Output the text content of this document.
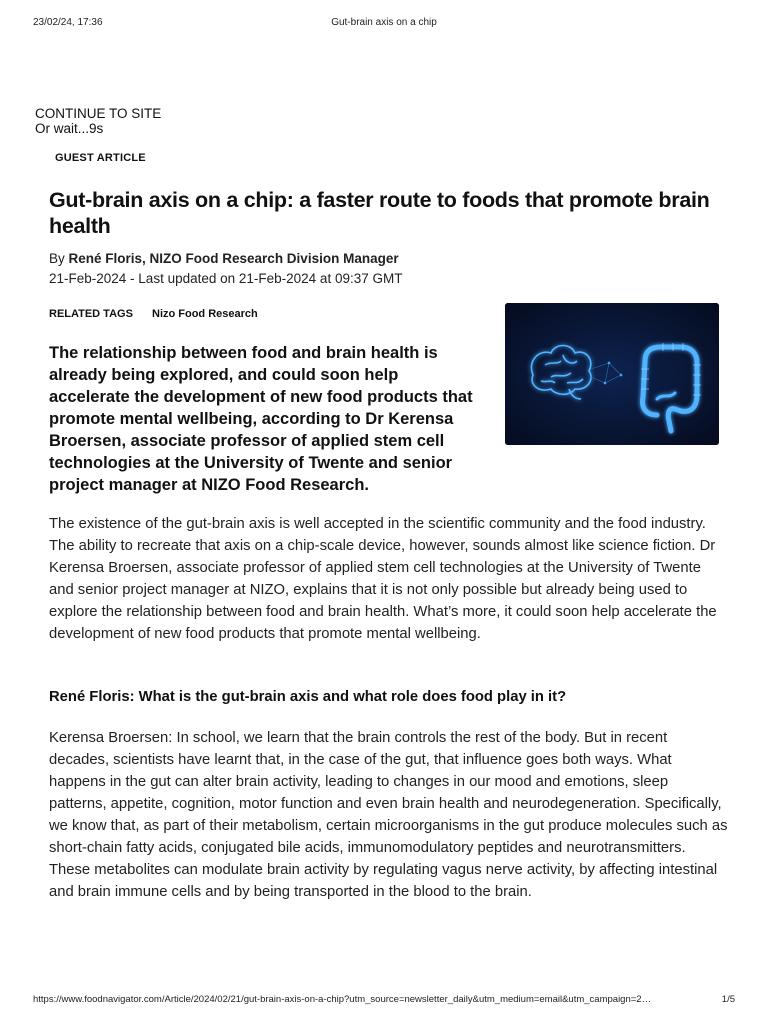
23/02/24, 17:36	Gut-brain axis on a chip
CONTINUE TO SITE
Or wait...9s
GUEST ARTICLE
Gut-brain axis on a chip: a faster route to foods that promote brain health
By René Floris, NIZO Food Research Division Manager
21-Feb-2024 - Last updated on 21-Feb-2024 at 09:37 GMT
RELATED TAGS Nizo Food Research
The relationship between food and brain health is already being explored, and could soon help accelerate the development of new food products that promote mental wellbeing, according to Dr Kerensa Broersen, associate professor of applied stem cell technologies at the University of Twente and senior project manager at NIZO Food Research.

The existence of the gut-brain axis is well accepted in the scientific community and the food industry. The ability to recreate that axis on a chip-scale device, however, sounds almost like science fiction. Dr Kerensa Broersen, associate professor of applied stem cell technologies at the University of Twente and senior project manager at NIZO, explains that it is not only possible but already being used to explore the relationship between food and brain health. What’s more, it could soon help accelerate the development of new food products that promote mental wellbeing.

René Floris: What is the gut-brain axis and what role does food play in it?

Kerensa Broersen: In school, we learn that the brain controls the rest of the body. But in recent decades, scientists have learnt that, in the case of the gut, that influence goes both ways. What happens in the gut can alter brain activity, leading to changes in our mood and emotions, sleep patterns, appetite, cognition, motor function and even brain health and neurodegeneration. Specifically, we know that, as part of their metabolism, certain microorganisms in the gut produce molecules such as short-chain fatty acids, conjugated bile acids, immunomodulatory peptides and neurotransmitters. These metabolites can modulate brain activity by regulating vagus nerve activity, by affecting intestinal and brain immune cells and by being transported in the blood to the brain.

https://www.foodnavigator.com/Article/2024/02/21/gut-brain-axis-on-a-chip?utm_source=newsletter_daily&utm_medium=email&utm_campaign=2…	1/5
